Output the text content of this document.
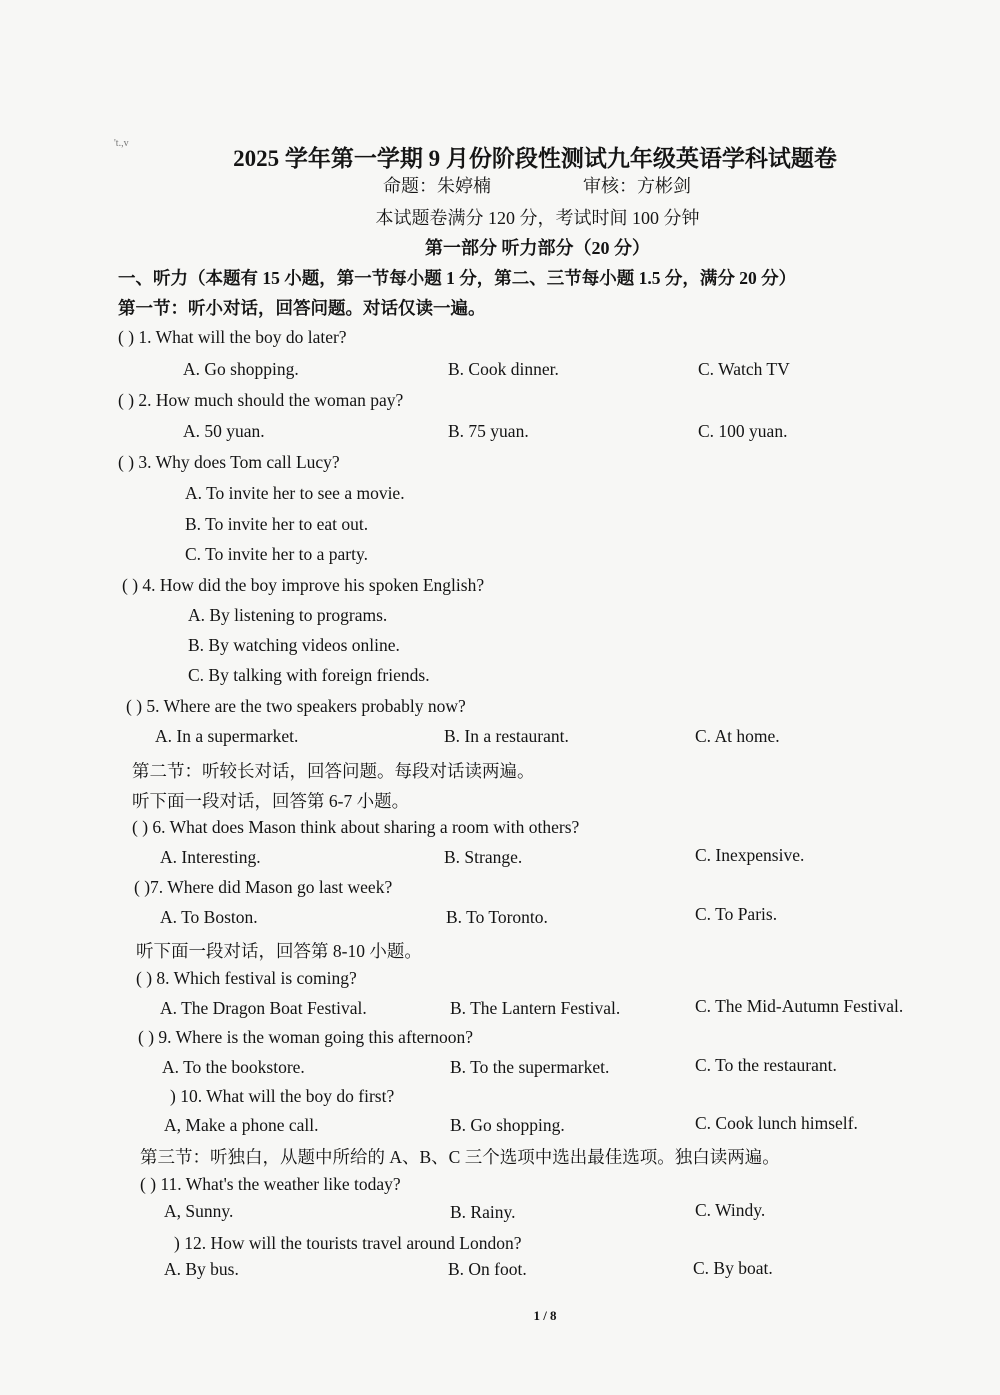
't.,v
2025 学年第一学期 9 月份阶段性测试九年级英语学科试题卷
命题：朱婷楠	审核：方彬剑
本试题卷满分 120 分，考试时间 100 分钟
第一部分 听力部分（20 分）
一、听力（本题有 15 小题，第一节每小题 1 分，第二、三节每小题 1.5 分，满分 20 分）
第一节：听小对话，回答问题。对话仅读一遍。
( ) 1. What will the boy do later?
A. Go shopping.	B. Cook dinner.	C. Watch TV
( ) 2. How much should the woman pay?
A. 50 yuan.	B. 75 yuan.	C. 100 yuan.
( ) 3. Why does Tom call Lucy?
A. To invite her to see a movie.
B. To invite her to eat out.
C. To invite her to a party.
( ) 4. How did the boy improve his spoken English?
A. By listening to programs.
B. By watching videos online.
C. By talking with foreign friends.
( ) 5. Where are the two speakers probably now?
A. In a supermarket.	B. In a restaurant.	C. At home.
第二节：听较长对话，回答问题。每段对话读两遍。
听下面一段对话，回答第 6-7 小题。
( ) 6. What does Mason think about sharing a room with others?
A. Interesting.	B. Strange.	C. Inexpensive.
( )7. Where did Mason go last week?
A. To Boston.	B. To Toronto.	C. To Paris.
听下面一段对话，回答第 8-10 小题。
( ) 8. Which festival is coming?
A. The Dragon Boat Festival.	B. The Lantern Festival.	C. The Mid-Autumn Festival.
( ) 9. Where is the woman going this afternoon?
A. To the bookstore.	B. To the supermarket.	C. To the restaurant.
) 10. What will the boy do first?
A, Make a phone call.	B. Go shopping.	C. Cook lunch himself.
第三节：听独白，从题中所给的 A、B、C 三个选项中选出最佳选项。独白读两遍。
( ) 11. What's the weather like today?
A, Sunny.	B. Rainy.	C. Windy.
) 12. How will the tourists travel around London?
A. By bus.	B. On foot.	C. By boat.
1 / 8
